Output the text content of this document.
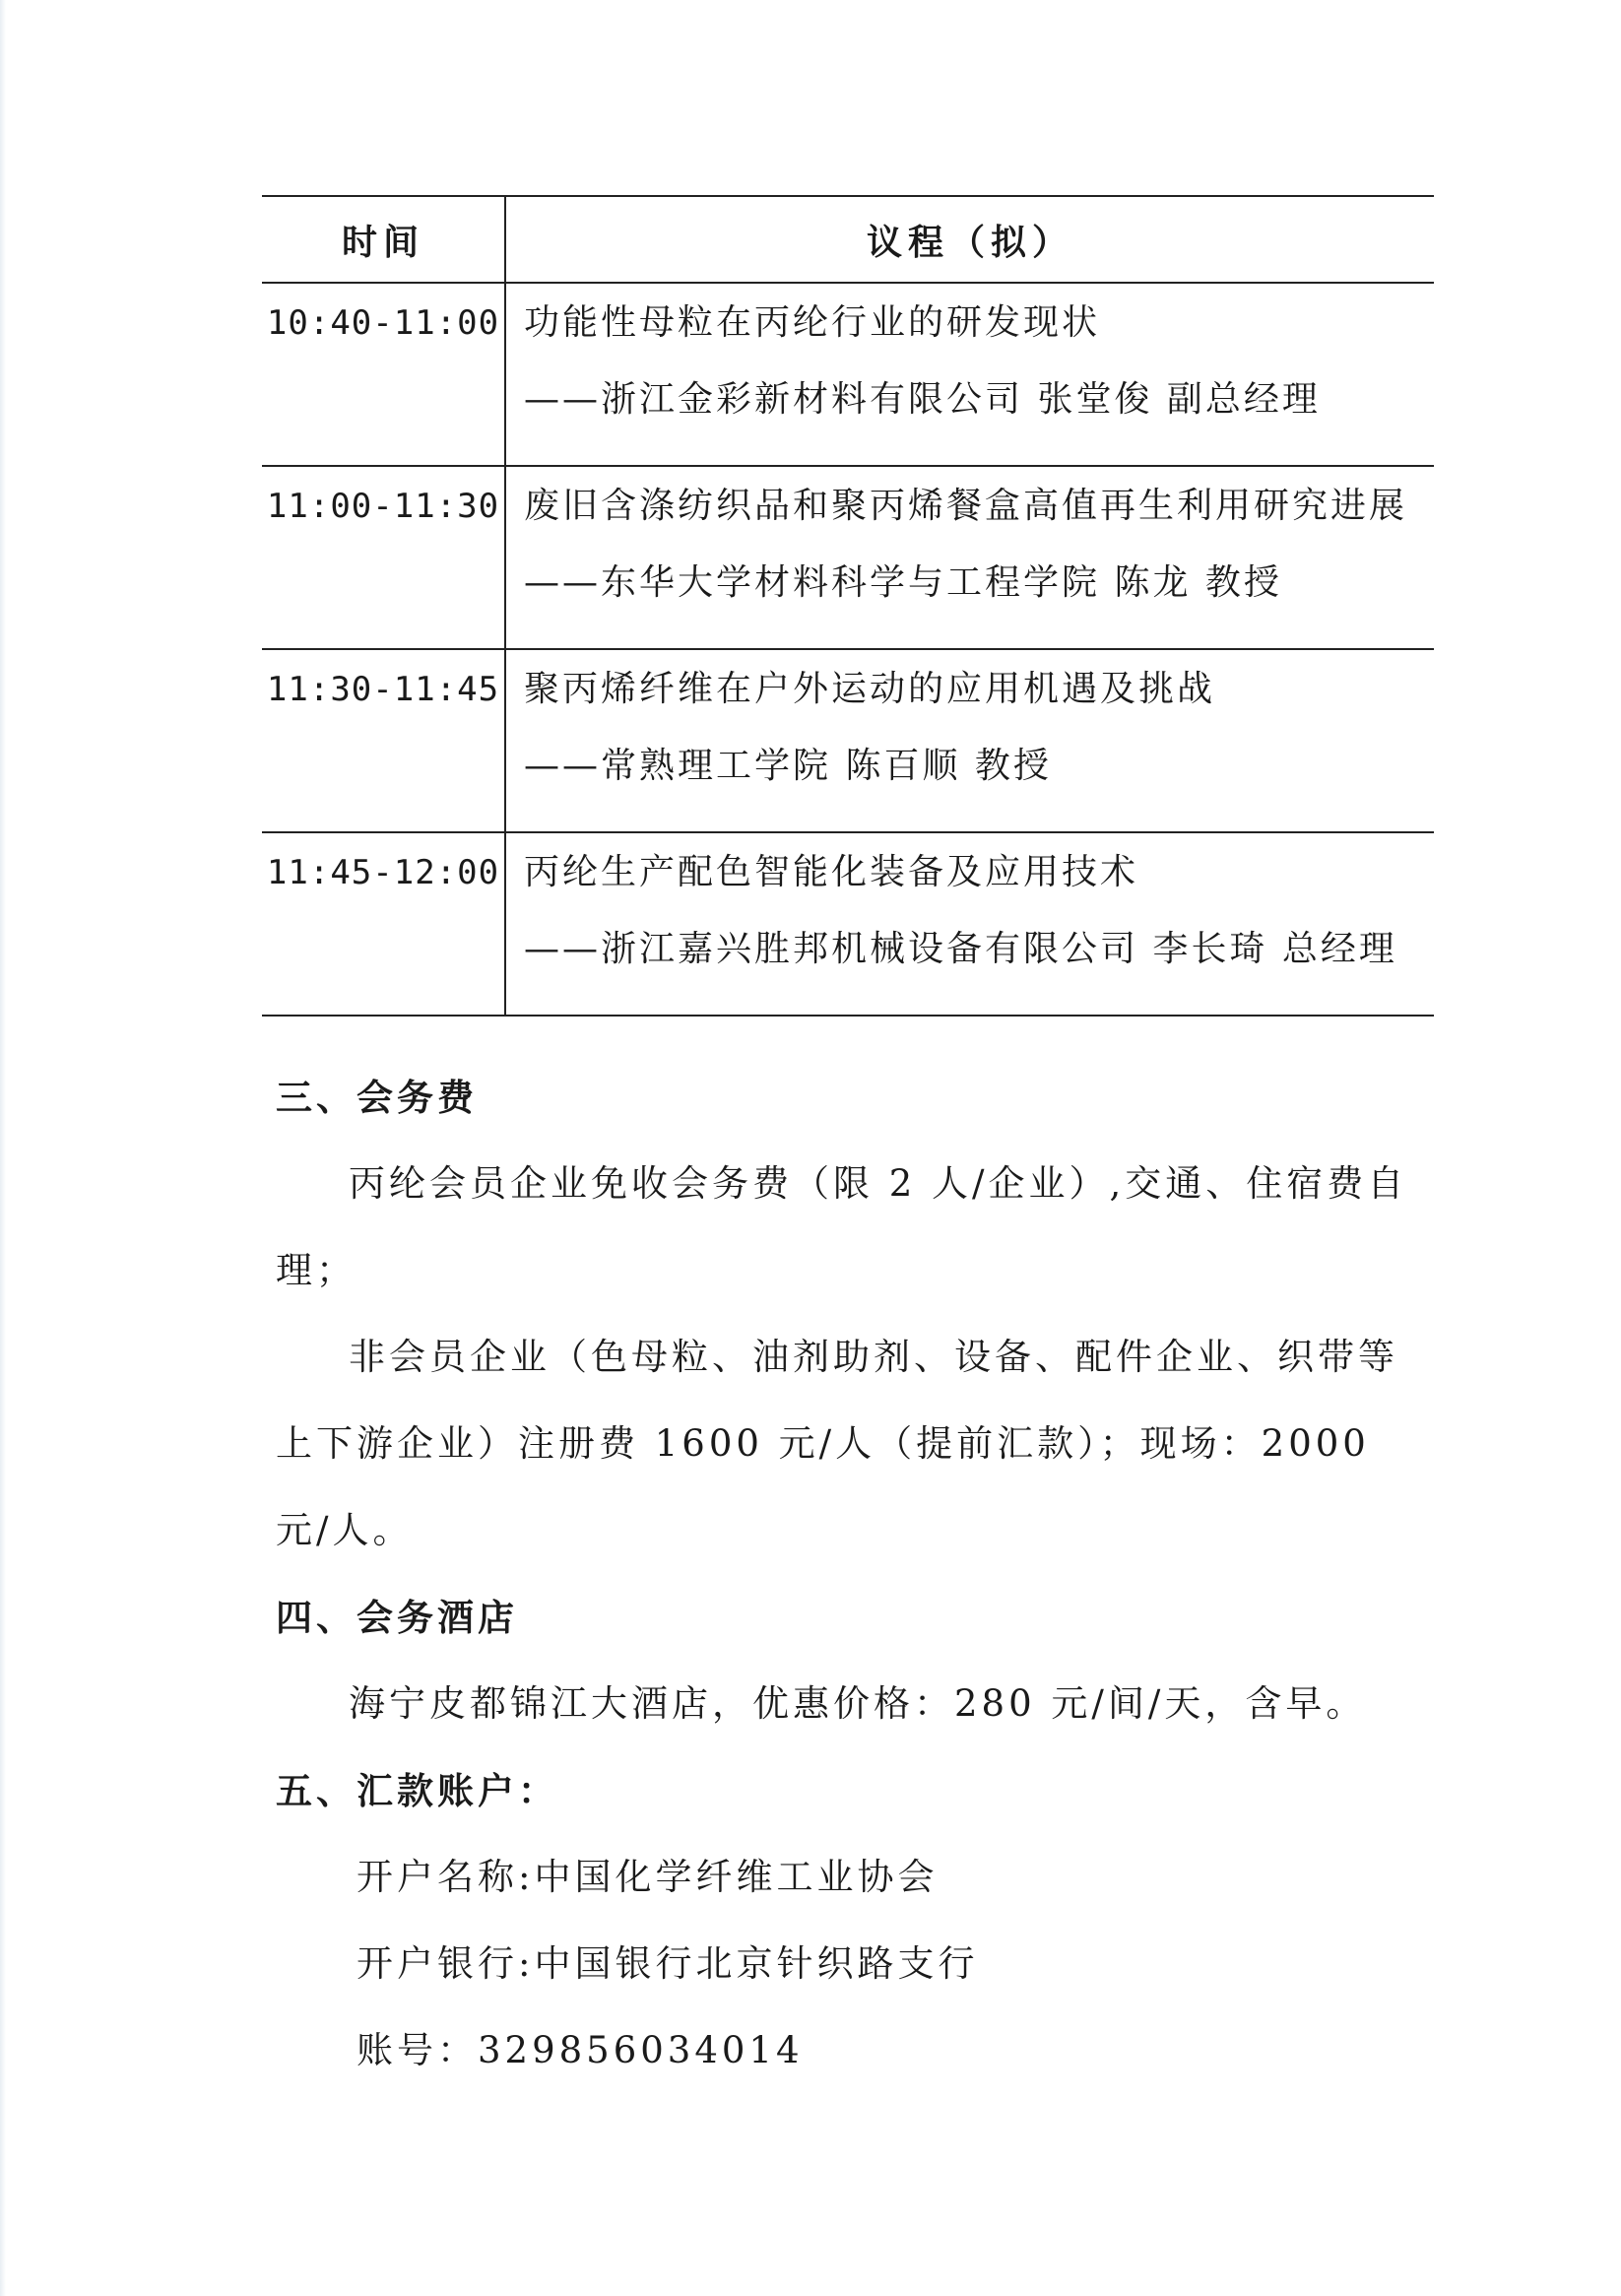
时间	议程（拟）
10:40-11:00	功能性母粒在丙纶行业的研发现状
——浙江金彩新材料有限公司 张堂俊 副总经理

11:00-11:30	废旧含涤纺织品和聚丙烯餐盒高值再生利用研究进展
——东华大学材料科学与工程学院 陈龙 教授

11:30-11:45	聚丙烯纤维在户外运动的应用机遇及挑战
——常熟理工学院 陈百顺 教授

11:45-12:00	丙纶生产配色智能化装备及应用技术
——浙江嘉兴胜邦机械设备有限公司 李长琦 总经理

三、会务费

丙纶会员企业免收会务费（限 2 人/企业）,交通、住宿费自理；

非会员企业（色母粒、油剂助剂、设备、配件企业、织带等上下游企业）注册费 1600 元/人（提前汇款）；现场：2000 元/人。

四、会务酒店

海宁皮都锦江大酒店，优惠价格：280 元/间/天，含早。

五、汇款账户：

开户名称:中国化学纤维工业协会

开户银行:中国银行北京针织路支行

账号：329856034014
